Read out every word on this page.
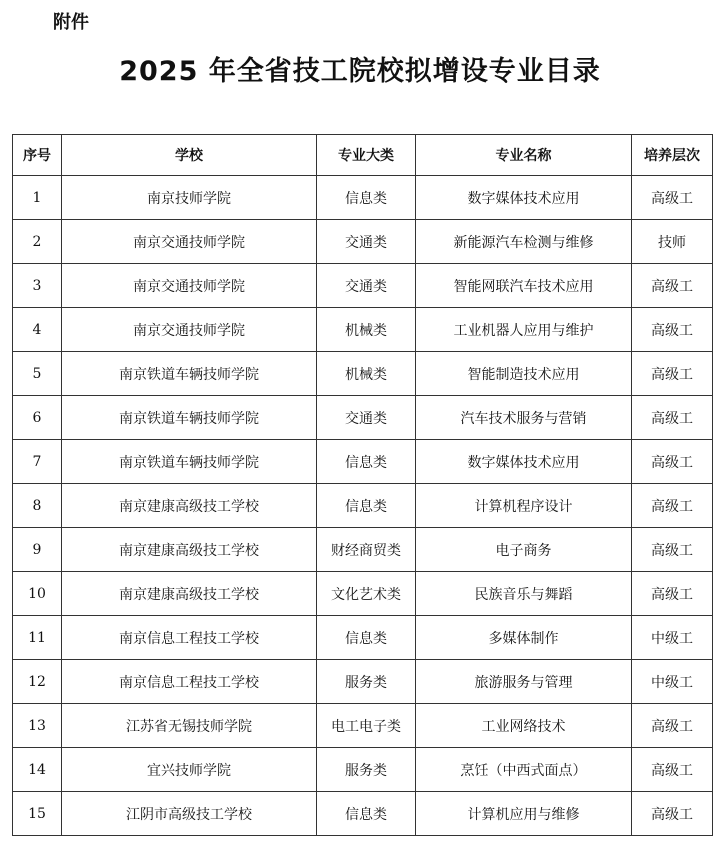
附件
2025 年全省技工院校拟增设专业目录
序号	学校	专业大类	专业名称	培养层次
1	南京技师学院	信息类	数字媒体技术应用	高级工
2	南京交通技师学院	交通类	新能源汽车检测与维修	技师
3	南京交通技师学院	交通类	智能网联汽车技术应用	高级工
4	南京交通技师学院	机械类	工业机器人应用与维护	高级工
5	南京铁道车辆技师学院	机械类	智能制造技术应用	高级工
6	南京铁道车辆技师学院	交通类	汽车技术服务与营销	高级工
7	南京铁道车辆技师学院	信息类	数字媒体技术应用	高级工
8	南京建康高级技工学校	信息类	计算机程序设计	高级工
9	南京建康高级技工学校	财经商贸类	电子商务	高级工
10	南京建康高级技工学校	文化艺术类	民族音乐与舞蹈	高级工
11	南京信息工程技工学校	信息类	多媒体制作	中级工
12	南京信息工程技工学校	服务类	旅游服务与管理	中级工
13	江苏省无锡技师学院	电工电子类	工业网络技术	高级工
14	宜兴技师学院	服务类	烹饪（中西式面点）	高级工
15	江阴市高级技工学校	信息类	计算机应用与维修	高级工
